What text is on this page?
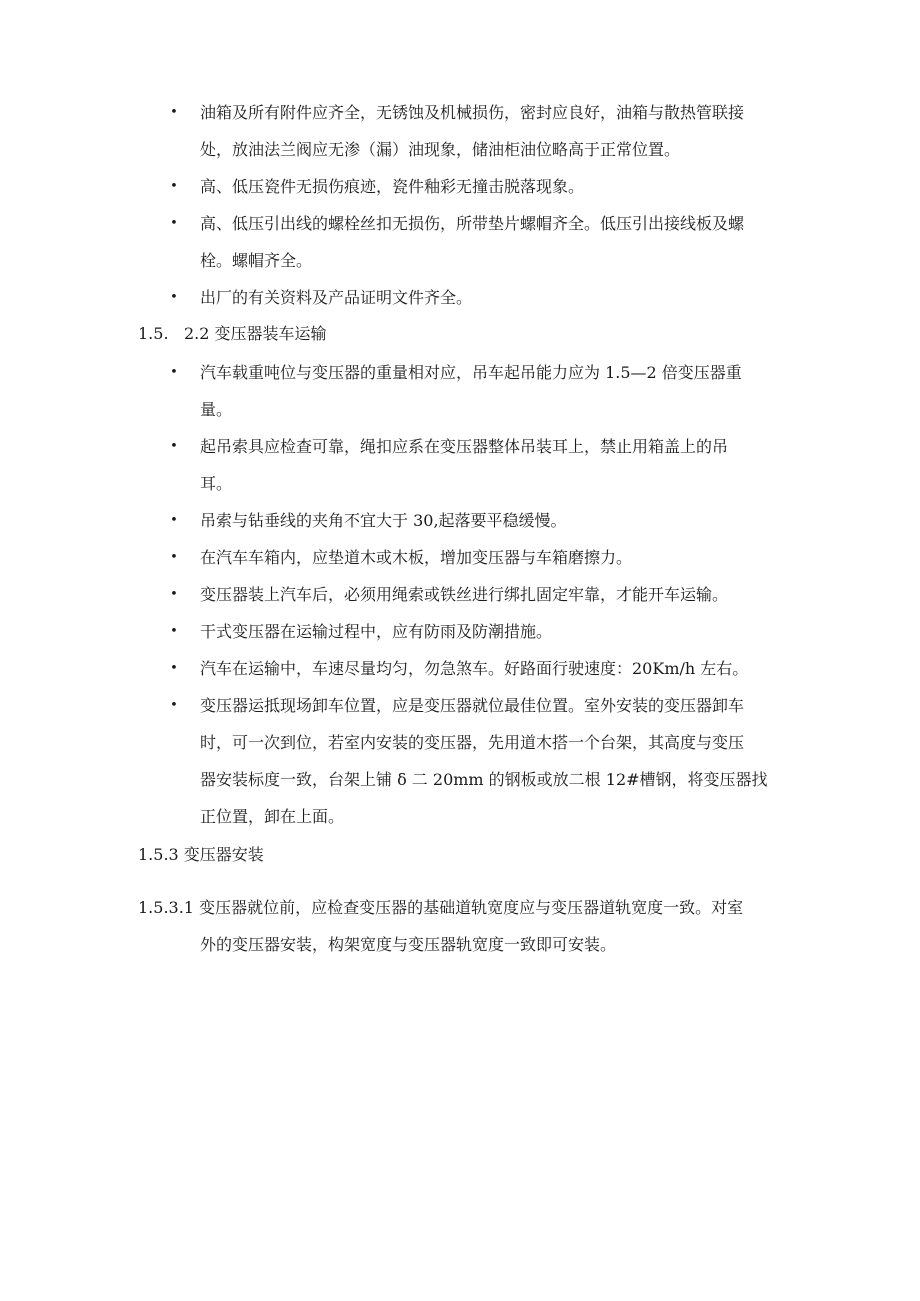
• 油箱及所有附件应齐全，无锈蚀及机械损伤，密封应良好，油箱与散热管联接
处，放油法兰阀应无渗（漏）油现象，储油柜油位略高于正常位置。
• 高、低压瓷件无损伤痕迹，瓷件釉彩无撞击脱落现象。
• 高、低压引出线的螺栓丝扣无损伤，所带垫片螺帽齐全。低压引出接线板及螺
栓。螺帽齐全。
• 出厂的有关资料及产品证明文件齐全。
1.5. 2.2 变压器装车运输
• 汽车载重吨位与变压器的重量相对应，吊车起吊能力应为 1.5—2 倍变压器重
量。
• 起吊索具应检查可靠，绳扣应系在变压器整体吊装耳上，禁止用箱盖上的吊
耳。
• 吊索与钻垂线的夹角不宜大于 30,起落要平稳缓慢。
• 在汽车车箱内，应垫道木或木板，增加变压器与车箱磨擦力。
• 变压器装上汽车后，必须用绳索或铁丝进行绑扎固定牢靠，才能开车运输。
• 干式变压器在运输过程中，应有防雨及防潮措施。
• 汽车在运输中，车速尽量均匀，勿急煞车。好路面行驶速度：20Km/h 左右。
• 变压器运抵现场卸车位置，应是变压器就位最佳位置。室外安装的变压器卸车
时，可一次到位，若室内安装的变压器，先用道木搭一个台架，其高度与变压
器安装标度一致，台架上铺 δ 二 20mm 的钢板或放二根 12#槽钢，将变压器找
正位置，卸在上面。
1.5.3 变压器安装
1.5.3.1 变压器就位前，应检查变压器的基础道轨宽度应与变压器道轨宽度一致。对室
外的变压器安装，构架宽度与变压器轨宽度一致即可安装。
